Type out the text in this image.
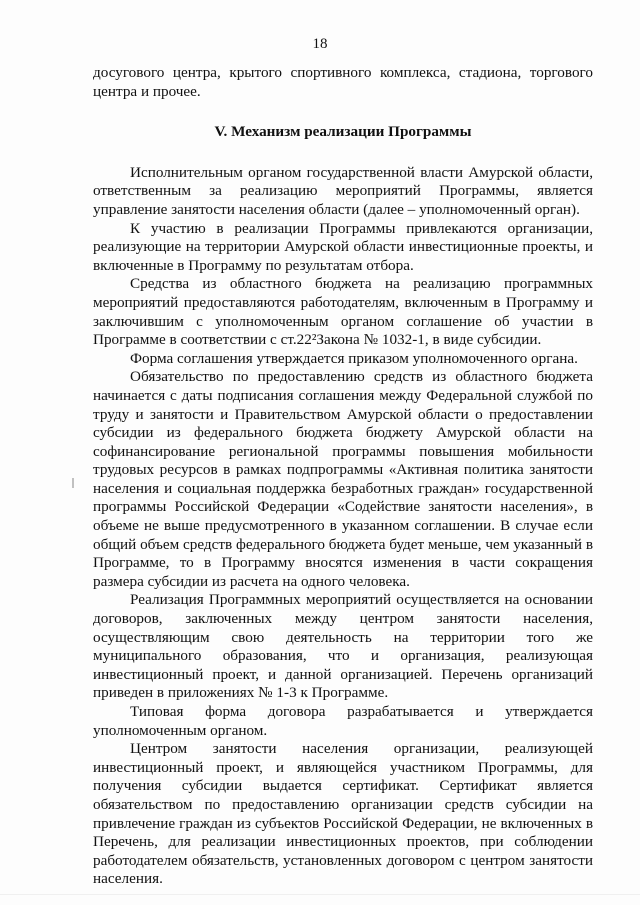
18

досугового центра, крытого спортивного комплекса, стадиона, торгового центра и прочее.

V. Механизм реализации Программы

Исполнительным органом государственной власти Амурской области, ответственным за реализацию мероприятий Программы, является управление занятости населения области (далее – уполномоченный орган).

К участию в реализации Программы привлекаются организации, реализующие на территории Амурской области инвестиционные проекты, и включенные в Программу по результатам отбора.

Средства из областного бюджета на реализацию программных мероприятий предоставляются работодателям, включенным в Программу и заключившим с уполномоченным органом соглашение об участии в Программе в соответствии с ст.22²Закона № 1032-1, в виде субсидии.

Форма соглашения утверждается приказом уполномоченного органа.

Обязательство по предоставлению средств из областного бюджета начинается с даты подписания соглашения между Федеральной службой по труду и занятости и Правительством Амурской области о предоставлении субсидии из федерального бюджета бюджету Амурской области на софинансирование региональной программы повышения мобильности трудовых ресурсов в рамках подпрограммы «Активная политика занятости населения и социальная поддержка безработных граждан» государственной программы Российской Федерации «Содействие занятости населения», в объеме не выше предусмотренного в указанном соглашении. В случае если общий объем средств федерального бюджета будет меньше, чем указанный в Программе, то в Программу вносятся изменения в части сокращения размера субсидии из расчета на одного человека.

Реализация Программных мероприятий осуществляется на основании договоров, заключенных между центром занятости населения, осуществляющим свою деятельность на территории того же муниципального образования, что и организация, реализующая инвестиционный проект, и данной организацией. Перечень организаций приведен в приложениях № 1-3 к Программе.

Типовая форма договора разрабатывается и утверждается уполномоченным органом.

Центром занятости населения организации, реализующей инвестиционный проект, и являющейся участником Программы, для получения субсидии выдается сертификат. Сертификат является обязательством по предоставлению организации средств субсидии на привлечение граждан из субъектов Российской Федерации, не включенных в Перечень, для реализации инвестиционных проектов, при соблюдении работодателем обязательств, установленных договором с центром занятости населения.
